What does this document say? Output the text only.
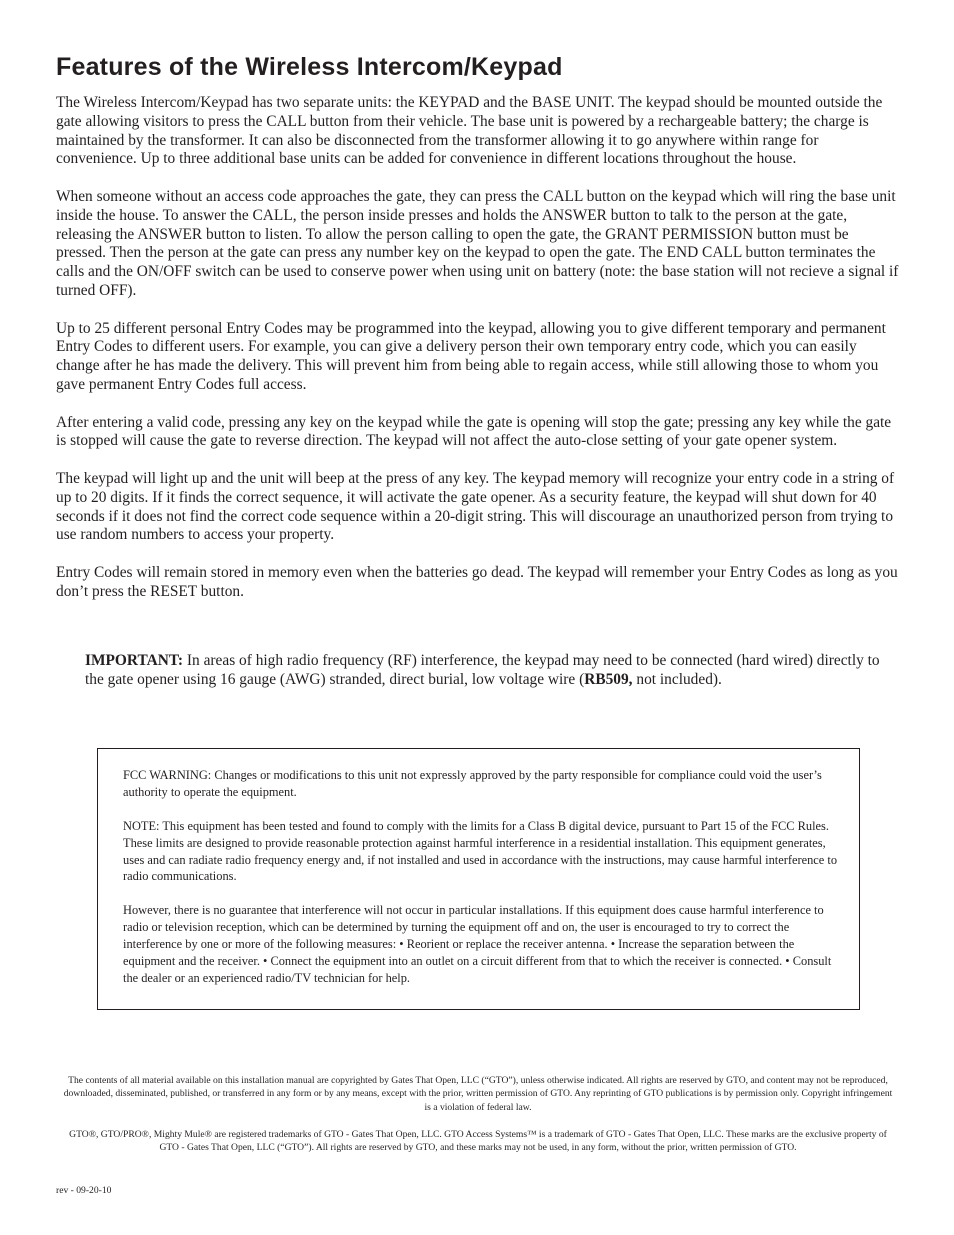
Features of the Wireless Intercom/Keypad

The Wireless Intercom/Keypad has two separate units: the KEYPAD and the BASE UNIT. The keypad should be mounted outside the gate allowing visitors to press the CALL button from their vehicle. The base unit is powered by a rechargeable battery; the charge is maintained by the transformer. It can also be disconnected from the transformer allowing it to go anywhere within range for convenience. Up to three additional base units can be added for convenience in different locations throughout the house.

When someone without an access code approaches the gate, they can press the CALL button on the keypad which will ring the base unit inside the house. To answer the CALL, the person inside presses and holds the ANSWER button to talk to the person at the gate, releasing the ANSWER button to listen. To allow the person calling to open the gate, the GRANT PERMISSION button must be pressed. Then the person at the gate can press any number key on the keypad to open the gate. The END CALL button terminates the calls and the ON/OFF switch can be used to conserve power when using unit on battery (note: the base station will not recieve a signal if turned OFF).

Up to 25 different personal Entry Codes may be programmed into the keypad, allowing you to give different temporary and permanent Entry Codes to different users. For example, you can give a delivery person their own temporary entry code, which you can easily change after he has made the delivery. This will prevent him from being able to regain access, while still allowing those to whom you gave permanent Entry Codes full access.

After entering a valid code, pressing any key on the keypad while the gate is opening will stop the gate; pressing any key while the gate is stopped will cause the gate to reverse direction. The keypad will not affect the auto-close setting of your gate opener system.

The keypad will light up and the unit will beep at the press of any key. The keypad memory will recognize your entry code in a string of up to 20 digits. If it finds the correct sequence, it will activate the gate opener. As a security feature, the keypad will shut down for 40 seconds if it does not find the correct code sequence within a 20-digit string. This will discourage an unauthorized person from trying to use random numbers to access your property.

Entry Codes will remain stored in memory even when the batteries go dead. The keypad will remember your Entry Codes as long as you don’t press the RESET button.

IMPORTANT: In areas of high radio frequency (RF) interference, the keypad may need to be connected (hard wired) directly to the gate opener using 16 gauge (AWG) stranded, direct burial, low voltage wire (RB509, not included).

FCC WARNING: Changes or modifications to this unit not expressly approved by the party responsible for compliance could void the user’s authority to operate the equipment.

NOTE: This equipment has been tested and found to comply with the limits for a Class B digital device, pursuant to Part 15 of the FCC Rules. These limits are designed to provide reasonable protection against harmful interference in a residential installation. This equipment generates, uses and can radiate radio frequency energy and, if not installed and used in accordance with the instructions, may cause harmful interference to radio communications.

However, there is no guarantee that interference will not occur in particular installations. If this equipment does cause harmful interference to radio or television reception, which can be determined by turning the equipment off and on, the user is encouraged to try to correct the interference by one or more of the following measures: • Reorient or replace the receiver antenna. • Increase the separation between the equipment and the receiver. • Connect the equipment into an outlet on a circuit different from that to which the receiver is connected. • Consult the dealer or an experienced radio/TV technician for help.

The contents of all material available on this installation manual are copyrighted by Gates That Open, LLC (“GTO”), unless otherwise indicated. All rights are reserved by GTO, and content may not be reproduced, downloaded, disseminated, published, or transferred in any form or by any means, except with the prior, written permission of GTO. Any reprinting of GTO publications is by permission only. Copyright infringement is a violation of federal law.

GTO®, GTO/PRO®, Mighty Mule® are registered trademarks of GTO - Gates That Open, LLC. GTO Access Systems™ is a trademark of GTO - Gates That Open, LLC. These marks are the exclusive property of GTO - Gates That Open, LLC (“GTO”). All rights are reserved by GTO, and these marks may not be used, in any form, without the prior, written permission of GTO.

rev - 09-20-10
